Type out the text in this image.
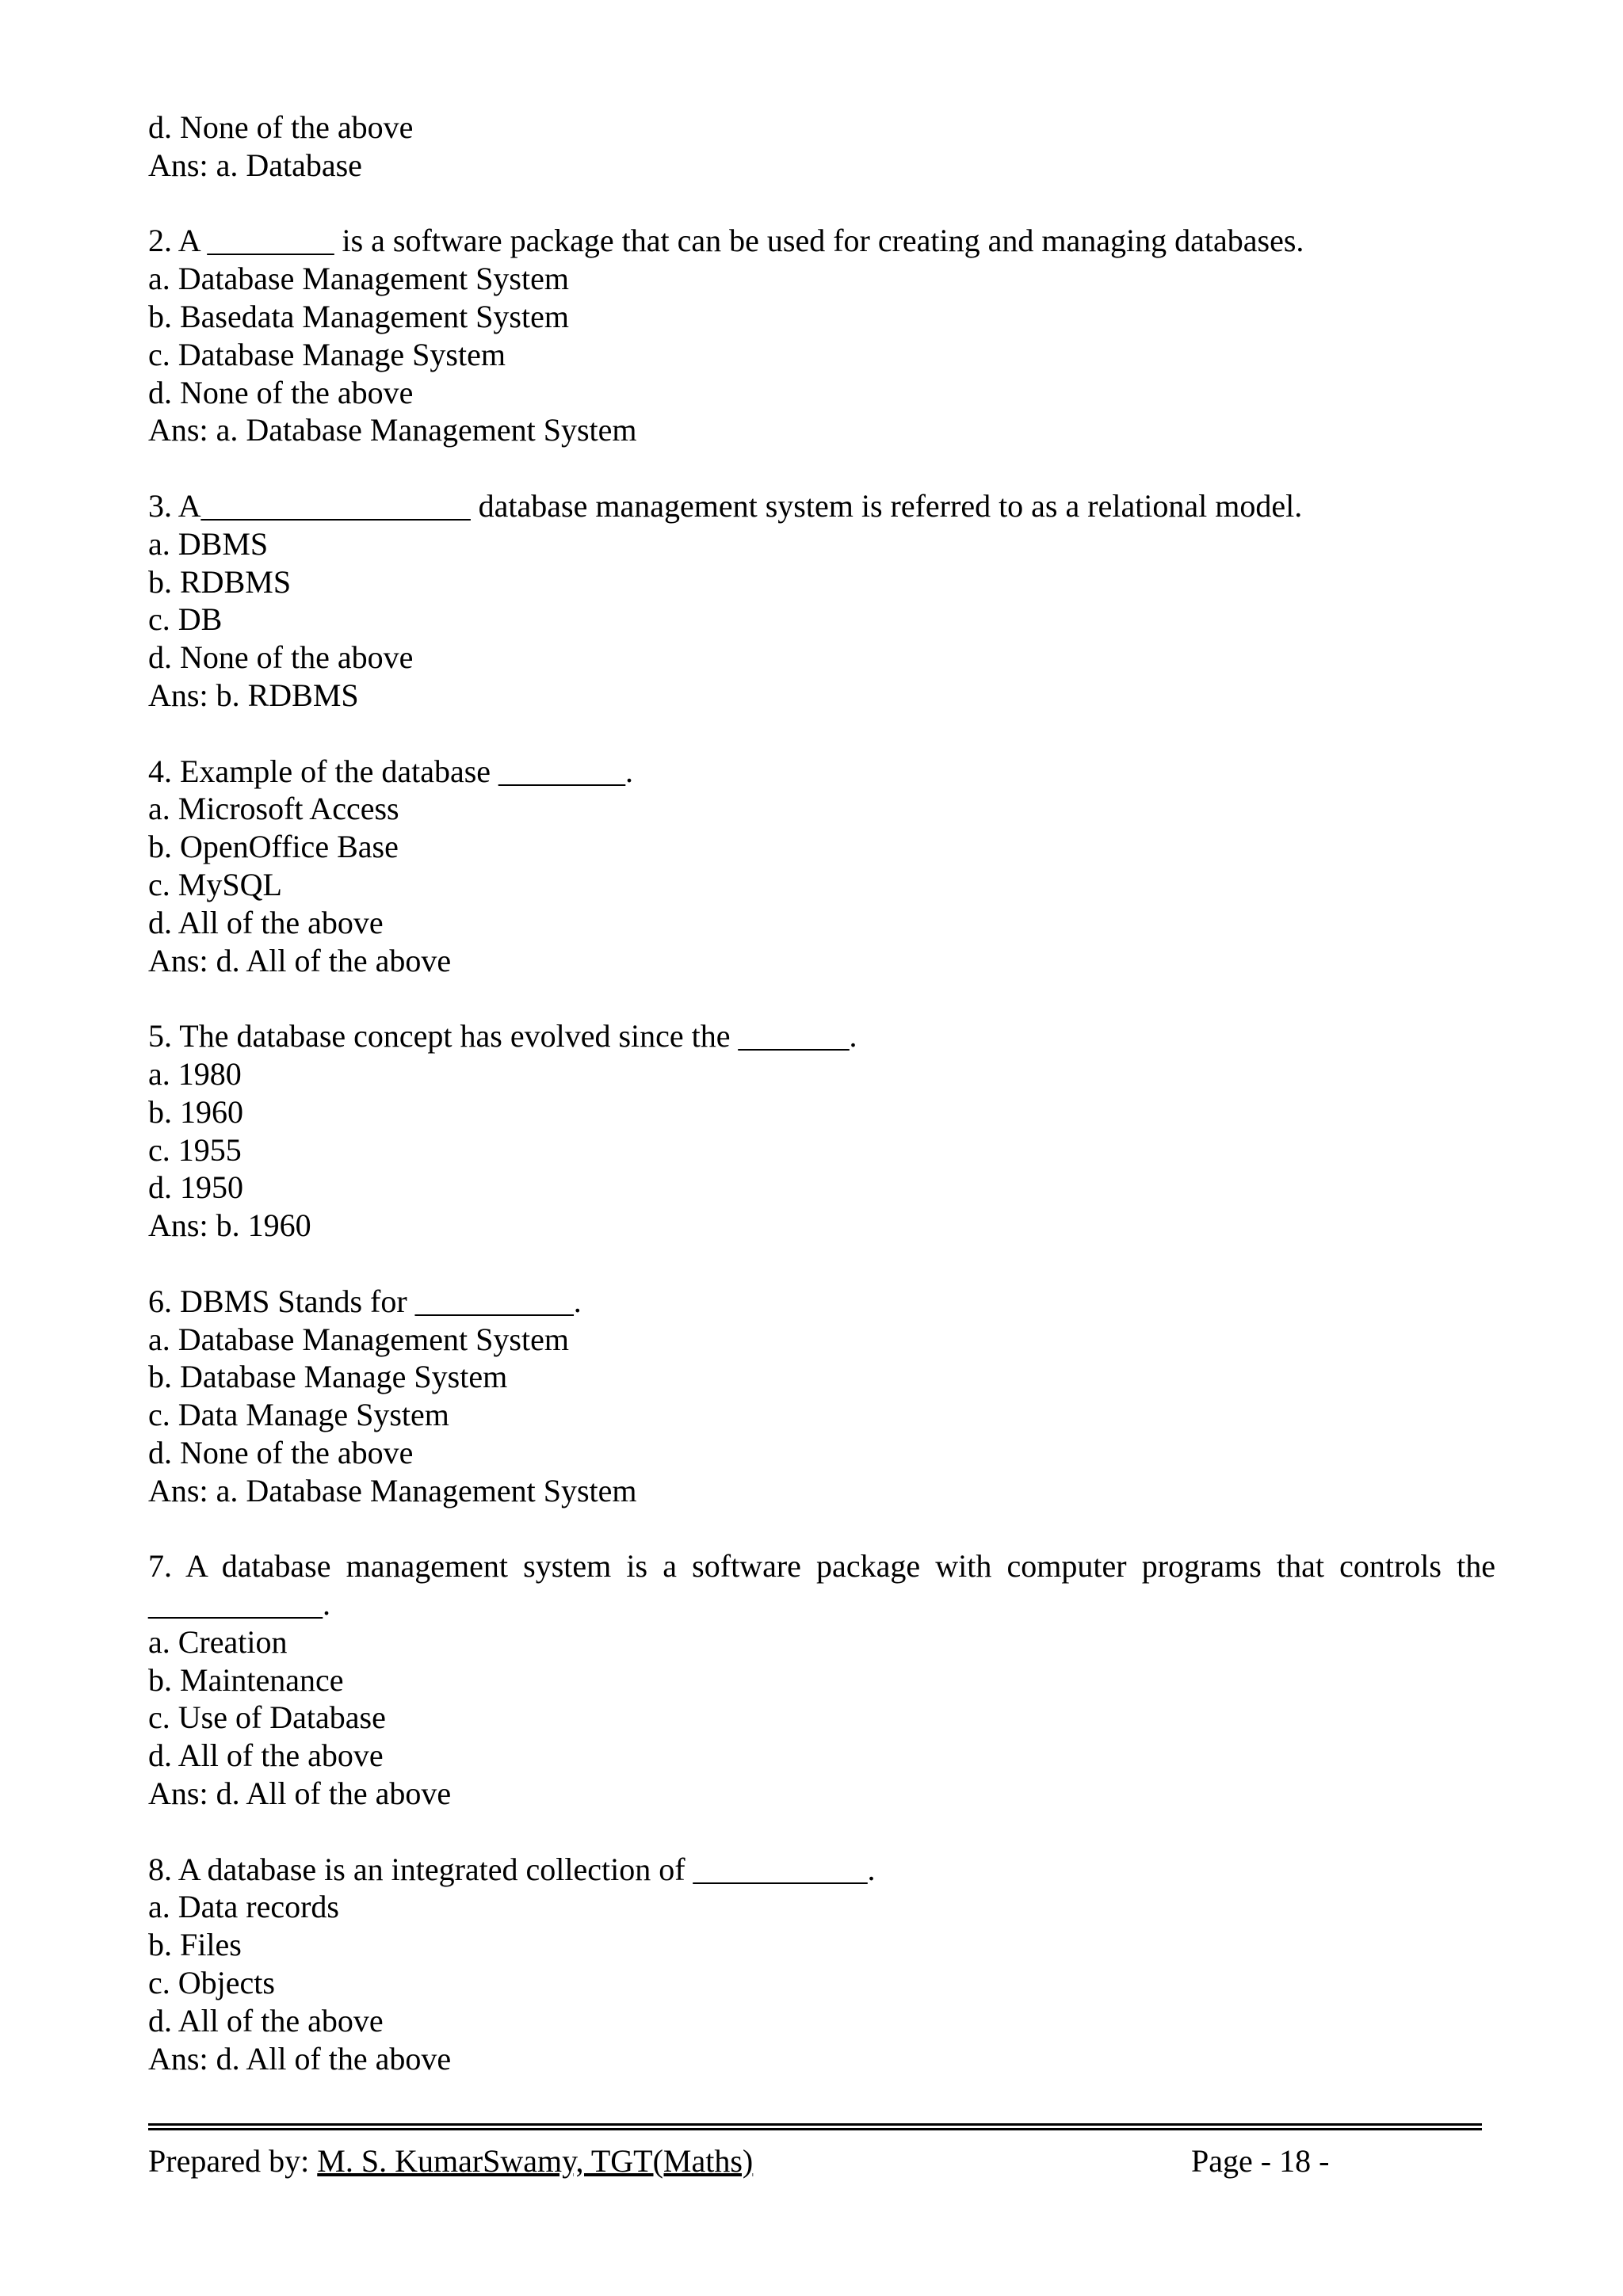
d. None of the above
Ans: a. Database
2. A ________ is a software package that can be used for creating and managing databases.
a. Database Management System
b. Basedata Management System
c. Database Manage System
d. None of the above
Ans: a. Database Management System
3. A_________________ database management system is referred to as a relational model.
a. DBMS
b. RDBMS
c. DB
d. None of the above
Ans: b. RDBMS
4. Example of the database ________.
a. Microsoft Access
b. OpenOffice Base
c. MySQL
d. All of the above
Ans: d. All of the above
5. The database concept has evolved since the _______.
a. 1980
b. 1960
c. 1955
d. 1950
Ans: b. 1960
6. DBMS Stands for __________.
a. Database Management System
b. Database Manage System
c. Data Manage System
d. None of the above
Ans: a. Database Management System
7. A database management system is a software package with computer programs that controls the
___________.
a. Creation
b. Maintenance
c. Use of Database
d. All of the above
Ans: d. All of the above
8. A database is an integrated collection of ___________.
a. Data records
b. Files
c. Objects
d. All of the above
Ans: d. All of the above
Prepared by: M. S. KumarSwamy, TGT(Maths)	Page - 18 -
